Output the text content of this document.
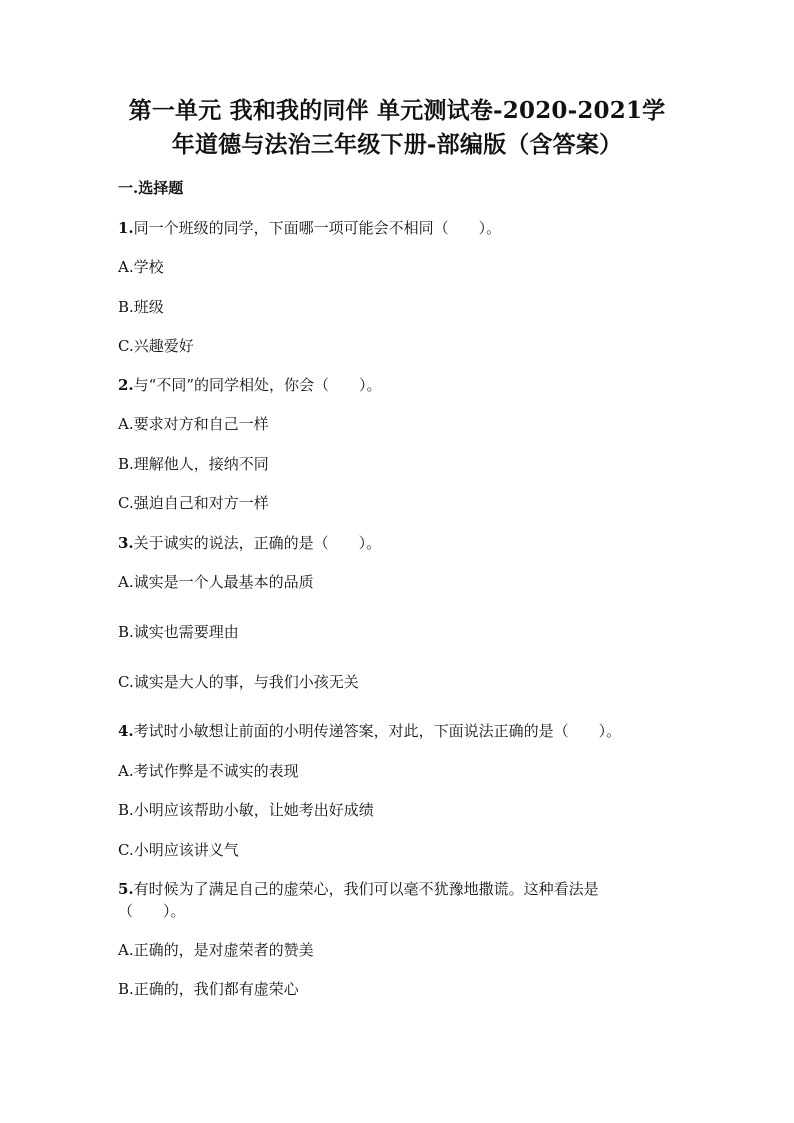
第一单元 我和我的同伴 单元测试卷-2020-2021学
年道德与法治三年级下册-部编版（含答案）

一.选择题

1.同一个班级的同学，下面哪一项可能会不相同（　　）。

A.学校

B.班级

C.兴趣爱好

2.与“不同”的同学相处，你会（　　）。

A.要求对方和自己一样

B.理解他人，接纳不同

C.强迫自己和对方一样

3.关于诚实的说法，正确的是（　　）。

A.诚实是一个人最基本的品质

B.诚实也需要理由

C.诚实是大人的事，与我们小孩无关

4.考试时小敏想让前面的小明传递答案，对此，下面说法正确的是（　　）。

A.考试作弊是不诚实的表现

B.小明应该帮助小敏，让她考出好成绩

C.小明应该讲义气

5.有时候为了满足自己的虚荣心，我们可以毫不犹豫地撒谎。这种看法是

（　　）。

A.正确的，是对虚荣者的赞美

B.正确的，我们都有虚荣心
